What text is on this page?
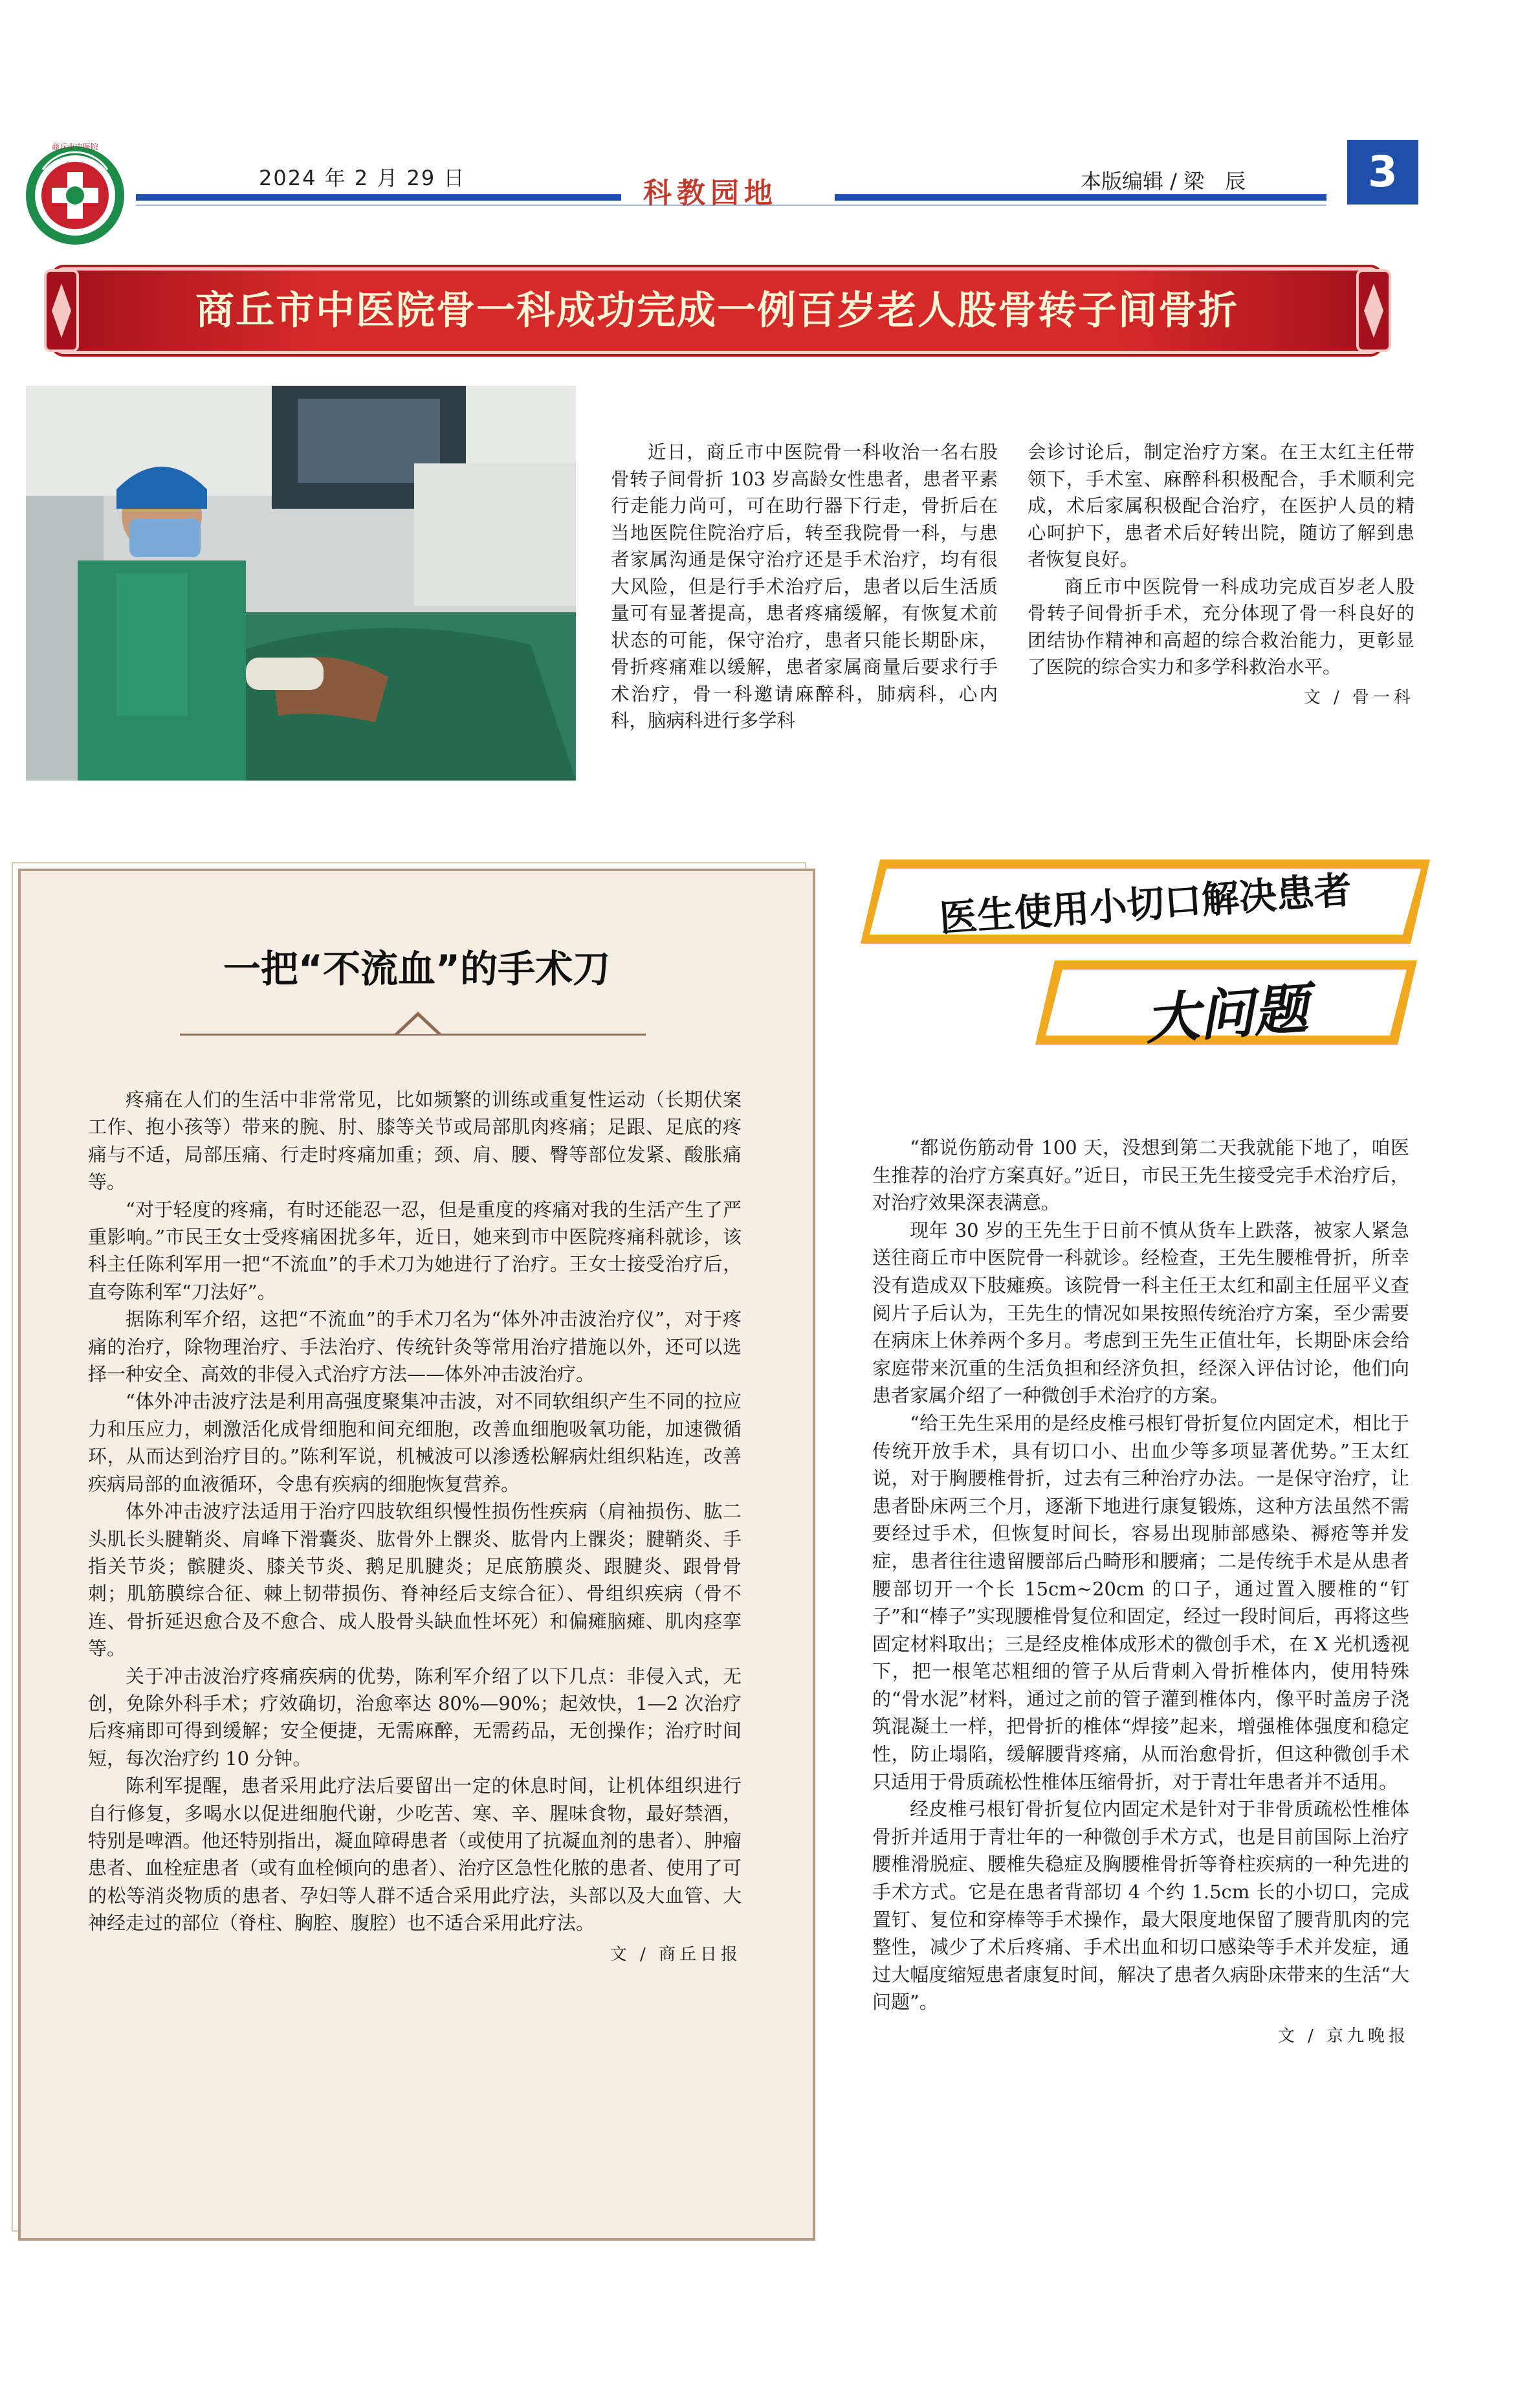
商丘市中医院
2024 年 2 月 29 日	科教园地	本版编辑 / 梁　辰	3
商丘市中医院骨一科成功完成一例百岁老人股骨转子间骨折

近日，商丘市中医院骨一科收治一名右股骨转子间骨折 103 岁高龄女性患者，患者平素行走能力尚可，可在助行器下行走，骨折后在当地医院住院治疗后，转至我院骨一科，与患者家属沟通是保守治疗还是手术治疗，均有很大风险，但是行手术治疗后，患者以后生活质量可有显著提高，患者疼痛缓解，有恢复术前状态的可能，保守治疗，患者只能长期卧床，骨折疼痛难以缓解，患者家属商量后要求行手术治疗，骨一科邀请麻醉科，肺病科，心内科，脑病科进行多学科

会诊讨论后，制定治疗方案。在王太红主任带领下，手术室、麻醉科积极配合，手术顺利完成，术后家属积极配合治疗，在医护人员的精心呵护下，患者术后好转出院，随访了解到患者恢复良好。

商丘市中医院骨一科成功完成百岁老人股骨转子间骨折手术，充分体现了骨一科良好的团结协作精神和高超的综合救治能力，更彰显了医院的综合实力和多学科救治水平。

文 / 骨一科
一把“不流血”的手术刀

疼痛在人们的生活中非常常见，比如频繁的训练或重复性运动（长期伏案工作、抱小孩等）带来的腕、肘、膝等关节或局部肌肉疼痛；足跟、足底的疼痛与不适，局部压痛、行走时疼痛加重；颈、肩、腰、臀等部位发紧、酸胀痛等。

“对于轻度的疼痛，有时还能忍一忍，但是重度的疼痛对我的生活产生了严重影响。”市民王女士受疼痛困扰多年，近日，她来到市中医院疼痛科就诊，该科主任陈利军用一把“不流血”的手术刀为她进行了治疗。王女士接受治疗后，直夸陈利军“刀法好”。

据陈利军介绍，这把“不流血”的手术刀名为“体外冲击波治疗仪”，对于疼痛的治疗，除物理治疗、手法治疗、传统针灸等常用治疗措施以外，还可以选择一种安全、高效的非侵入式治疗方法——体外冲击波治疗。

“体外冲击波疗法是利用高强度聚集冲击波，对不同软组织产生不同的拉应力和压应力，刺激活化成骨细胞和间充细胞，改善血细胞吸氧功能，加速微循环，从而达到治疗目的。”陈利军说，机械波可以渗透松解病灶组织粘连，改善疾病局部的血液循环，令患有疾病的细胞恢复营养。

体外冲击波疗法适用于治疗四肢软组织慢性损伤性疾病（肩袖损伤、肱二头肌长头腱鞘炎、肩峰下滑囊炎、肱骨外上髁炎、肱骨内上髁炎；腱鞘炎、手指关节炎；髌腱炎、膝关节炎、鹅足肌腱炎；足底筋膜炎、跟腱炎、跟骨骨刺；肌筋膜综合征、棘上韧带损伤、脊神经后支综合征）、骨组织疾病（骨不连、骨折延迟愈合及不愈合、成人股骨头缺血性坏死）和偏瘫脑瘫、肌肉痉挛等。

关于冲击波治疗疼痛疾病的优势，陈利军介绍了以下几点：非侵入式，无创，免除外科手术；疗效确切，治愈率达 80%—90%；起效快，1—2 次治疗后疼痛即可得到缓解；安全便捷，无需麻醉，无需药品，无创操作；治疗时间短，每次治疗约 10 分钟。

陈利军提醒，患者采用此疗法后要留出一定的休息时间，让机体组织进行自行修复，多喝水以促进细胞代谢，少吃苦、寒、辛、腥味食物，最好禁酒，特别是啤酒。他还特别指出，凝血障碍患者（或使用了抗凝血剂的患者）、肿瘤患者、血栓症患者（或有血栓倾向的患者）、治疗区急性化脓的患者、使用了可的松等消炎物质的患者、孕妇等人群不适合采用此疗法，头部以及大血管、大神经走过的部位（脊柱、胸腔、腹腔）也不适合采用此疗法。

文 / 商丘日报
医生使用小切口解决患者
大问题

“都说伤筋动骨 100 天，没想到第二天我就能下地了，咱医生推荐的治疗方案真好。”近日，市民王先生接受完手术治疗后，对治疗效果深表满意。

现年 30 岁的王先生于日前不慎从货车上跌落，被家人紧急送往商丘市中医院骨一科就诊。经检查，王先生腰椎骨折，所幸没有造成双下肢瘫痪。该院骨一科主任王太红和副主任屈平义查阅片子后认为，王先生的情况如果按照传统治疗方案，至少需要在病床上休养两个多月。考虑到王先生正值壮年，长期卧床会给家庭带来沉重的生活负担和经济负担，经深入评估讨论，他们向患者家属介绍了一种微创手术治疗的方案。

“给王先生采用的是经皮椎弓根钉骨折复位内固定术，相比于传统开放手术，具有切口小、出血少等多项显著优势。”王太红说，对于胸腰椎骨折，过去有三种治疗办法。一是保守治疗，让患者卧床两三个月，逐渐下地进行康复锻炼，这种方法虽然不需要经过手术，但恢复时间长，容易出现肺部感染、褥疮等并发症，患者往往遗留腰部后凸畸形和腰痛；二是传统手术是从患者腰部切开一个长 15cm~20cm 的口子，通过置入腰椎的“钉子”和“棒子”实现腰椎骨复位和固定，经过一段时间后，再将这些固定材料取出；三是经皮椎体成形术的微创手术，在 X 光机透视下，把一根笔芯粗细的管子从后背刺入骨折椎体内，使用特殊的“骨水泥”材料，通过之前的管子灌到椎体内，像平时盖房子浇筑混凝土一样，把骨折的椎体“焊接”起来，增强椎体强度和稳定性，防止塌陷，缓解腰背疼痛，从而治愈骨折，但这种微创手术只适用于骨质疏松性椎体压缩骨折，对于青壮年患者并不适用。

经皮椎弓根钉骨折复位内固定术是针对于非骨质疏松性椎体骨折并适用于青壮年的一种微创手术方式，也是目前国际上治疗腰椎滑脱症、腰椎失稳症及胸腰椎骨折等脊柱疾病的一种先进的手术方式。它是在患者背部切 4 个约 1.5cm 长的小切口，完成置钉、复位和穿棒等手术操作，最大限度地保留了腰背肌肉的完整性，减少了术后疼痛、手术出血和切口感染等手术并发症，通过大幅度缩短患者康复时间，解决了患者久病卧床带来的生活“大问题”。

文 / 京九晚报
